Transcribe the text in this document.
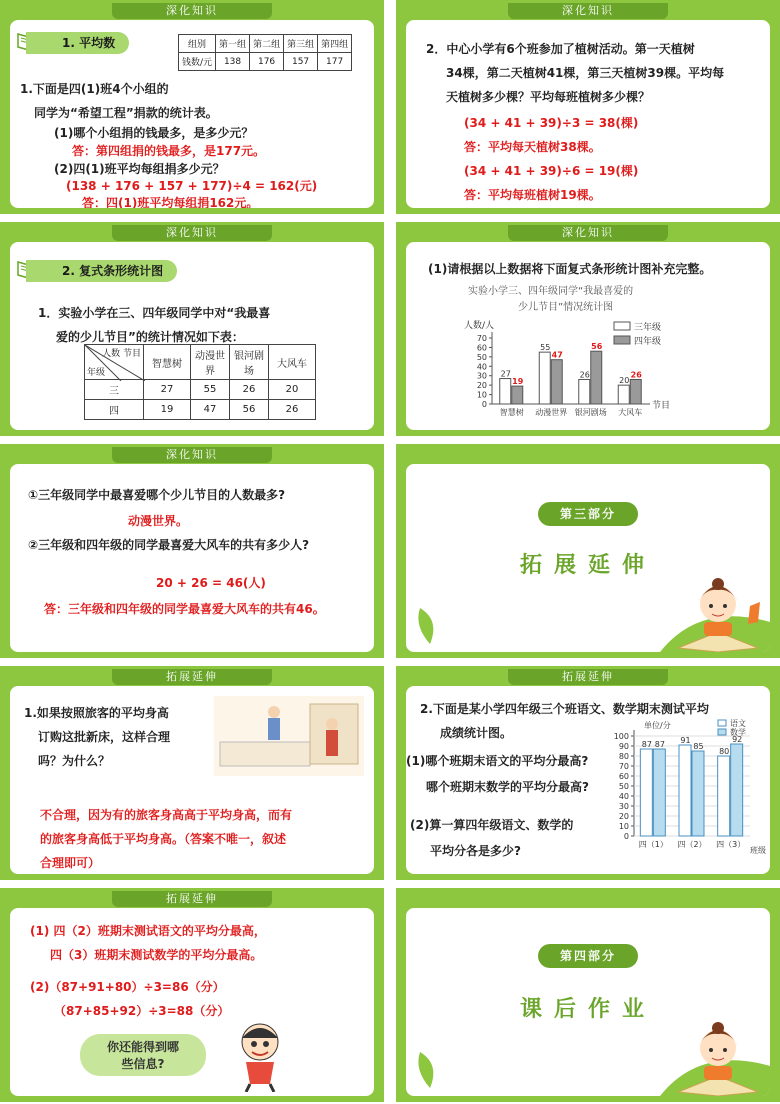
深化知识
1. 平均数	组别	第一组	第二组	第三组	第四组
钱数/元	138	176	157	177
1.下面是四(1)班4个小组的
同学为“希望工程”捐款的统计表。
(1)哪个小组捐的钱最多，是多少元？
答：第四组捐的钱最多，是177元。
(2)四(1)班平均每组捐多少元？
(138 + 176 + 157 + 177)÷4 = 162(元)
答：四(1)班平均每组捐162元。
深化知识
2．中心小学有6个班参加了植树活动。第一天植树
34棵，第二天植树41棵，第三天植树39棵。平均每
天植树多少棵？平均每班植树多少棵？
(34 + 41 + 39)÷3 = 38(棵)
答：平均每天植树38棵。
(34 + 41 + 39)÷6 = 19(棵)
答：平均每班植树19棵。
深化知识
2. 复式条形统计图
1．实验小学在三、四年级同学中对“我最喜
爱的少儿节目”的统计情况如下表：
人数 节目
年级	智慧树	动漫世界	银河剧场	大风车
三	27	55	26	20
四	19	47	56	26
深化知识
(1)请根据以上数据将下面复式条形统计图补充完整。
实验小学三、四年级同学“我最喜爱的
少儿节目”情况统计图
人数/人
节目
三年级
四年级
0
10
20
30
40
50
60
70
智慧树
27
19
动漫世界
55
47
银河剧场
26
56
大风车
20
26
深化知识
①三年级同学中最喜爱哪个少儿节目的人数最多?
动漫世界。
②三年级和四年级的同学最喜爱大风车的共有多少人?
20 + 26 = 46(人)
答：三年级和四年级的同学最喜爱大风车的共有46。
第三部分
拓展延伸
拓展延伸
1.如果按照旅客的平均身高
订购这批新床，这样合理
吗？为什么？
不合理，因为有的旅客身高高于平均身高，而有
的旅客身高低于平均身高。（答案不唯一，叙述
合理即可）
拓展延伸
2.下面是某小学四年级三个班语文、数学期末测试平均
成绩统计图。
(1)哪个班期末语文的平均分最高?
哪个班期末数学的平均分最高?
(2)算一算四年级语文、数学的
平均分各是多少?
单位/分
班级
语文
数学
0
10
20
30
40
50
60
70
80
90
100
四（1）
87 87
四（2）
91
85
四（3）
80
92
拓展延伸
(1) 四（2）班期末测试语文的平均分最高，
四（3）班期末测试数学的平均分最高。
(2)（87+91+80）÷3=86（分）
（87+85+92）÷3=88（分）
你还能得到哪
些信息?
第四部分
课后作业
